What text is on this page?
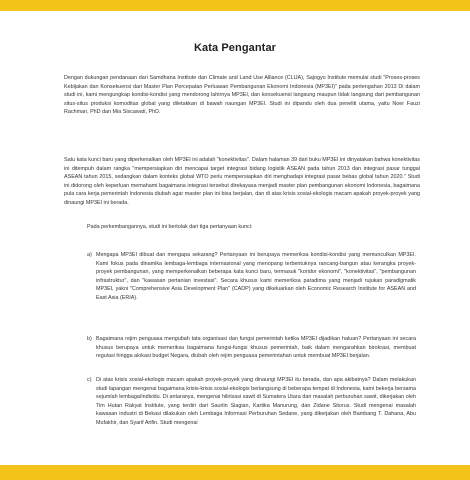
Kata Pengantar

Dengan dukungan pendanaan dari Samdhana Institute dan Climate and Land Use Alliance (CLUA), Sajogyo Institute memulai studi "Proses-proses Kebijakan dan Konsekuensi dari Master Plan Percepatan Perluasan Pembangunan Ekonomi Indonesia (MP3EI)" pada pertengahan 2013 Di dalam studi ini, kami mengungkap kondisi-kondisi yang mendorong lahirnya MP3EI, dan konsekuensi langsung maupun tidak langsung dari pembangunan situs-situs produksi komoditas global yang diletakkan di bawah naungan MP3EI. Studi ini dipandu oleh dua peneliti utama, yaitu Noer Fauzi Rachman, PhD dan Mia Siscawati, PhD.

Satu kata kunci baru yang diperkenalkan oleh MP3EI ini adalah "konektivitas". Dalam halaman 39 dari buku MP3EI ini dinyatakan bahwa konektivitas ini ditempuh dalam rangka "mempersiapkan diri mencapai target integrasi bidang logistik ASEAN pada tahun 2013 dan integrasi pasar tunggal ASEAN tahun 2015, sedangkan dalam konteks global WTO perlu mempersiapkan diri menghadapi integrasi pasar bebas global tahun 2020." Studi ini didorong oleh keperluan memahami bagaimana integrasi tersebut direkayasa menjadi master plan pembangunan ekonomi Indonesia, bagaimana pula cara kerja pemerintah Indonesia diubah agar master plan ini bisa berjalan, dan di atas krisis sosial-ekologis macam apakah proyek-proyek yang dinaungi MP3EI ini berada.

Pada perkembangannya, studi ini bertolak dari tiga pertanyaan kunci:

a) Mengapa MP3EI dibuat dan mengapa sekarang? Pertanyaan ini berupaya memeriksa kondisi-kondisi yang memunculkan MP3EI. Kami fokus pada dinamika lembaga-lembaga internasional yang menopang terbentuknya rancang-bangun atau kerangka proyek-proyek pembangunan, yang memperkenalkan beberapa kata kunci baru, termasuk "koridor ekonomi", "konektivitas", "pembangunan infrastruktur", dan "kawasan pertanian investasi". Secara khusus kami memeriksa paradima yang menjadi rujukan paradigmatik MP3EI, yakni "Comprehensive Asia Development Plan" (CADP) yang dikeluarkan oleh Economic Research Institute for ASEAN and East Asia (ERIA).

b) Bagaimana rejim penguasa mengubah tata organisasi dan fungsi pemerintah ketika MP3EI dijadikan haluan? Pertanyaan ini secara khusus berupaya untuk memeriksa bagaimana fungsi-fungsi khusus pemerintah, baik dalam mengarahkan birokrasi, membuat regulasi hingga alokasi budget Negara, diubah oleh rejim penguasa pemerintahan untuk membuat MP3EI berjalan.

c) Di atas krisis sosial-ekologis macam apakah proyek-proyek yang dinaungi MP3EI itu berada, dan apa akibatnya? Dalam melakukan studi lapangan mengenai bagaimana krisis-krisis sosial-ekologis berlangsung di beberapa tempat di Indonesia, kami bekerja bersama sejumlah lembaga/individu. Di antaranya, mengenai hilirisasi sawit di Sumatera Utara dan masalah perburuhan sawit, dikerjakan oleh Tim Hutan Rakyat Institute, yang terdiri dari Saurlin Siagian, Kartika Manurung, dan Zidane Sitorus. Studi mengenai masalah kawasan industri di Bekasi dilakukan oleh Lembaga Informasi Perburuhan Sedane, yang dikerjakan oleh Bambang T. Dahana, Abu Mufakhir, dan Syarif Arifin. Studi mengenai
